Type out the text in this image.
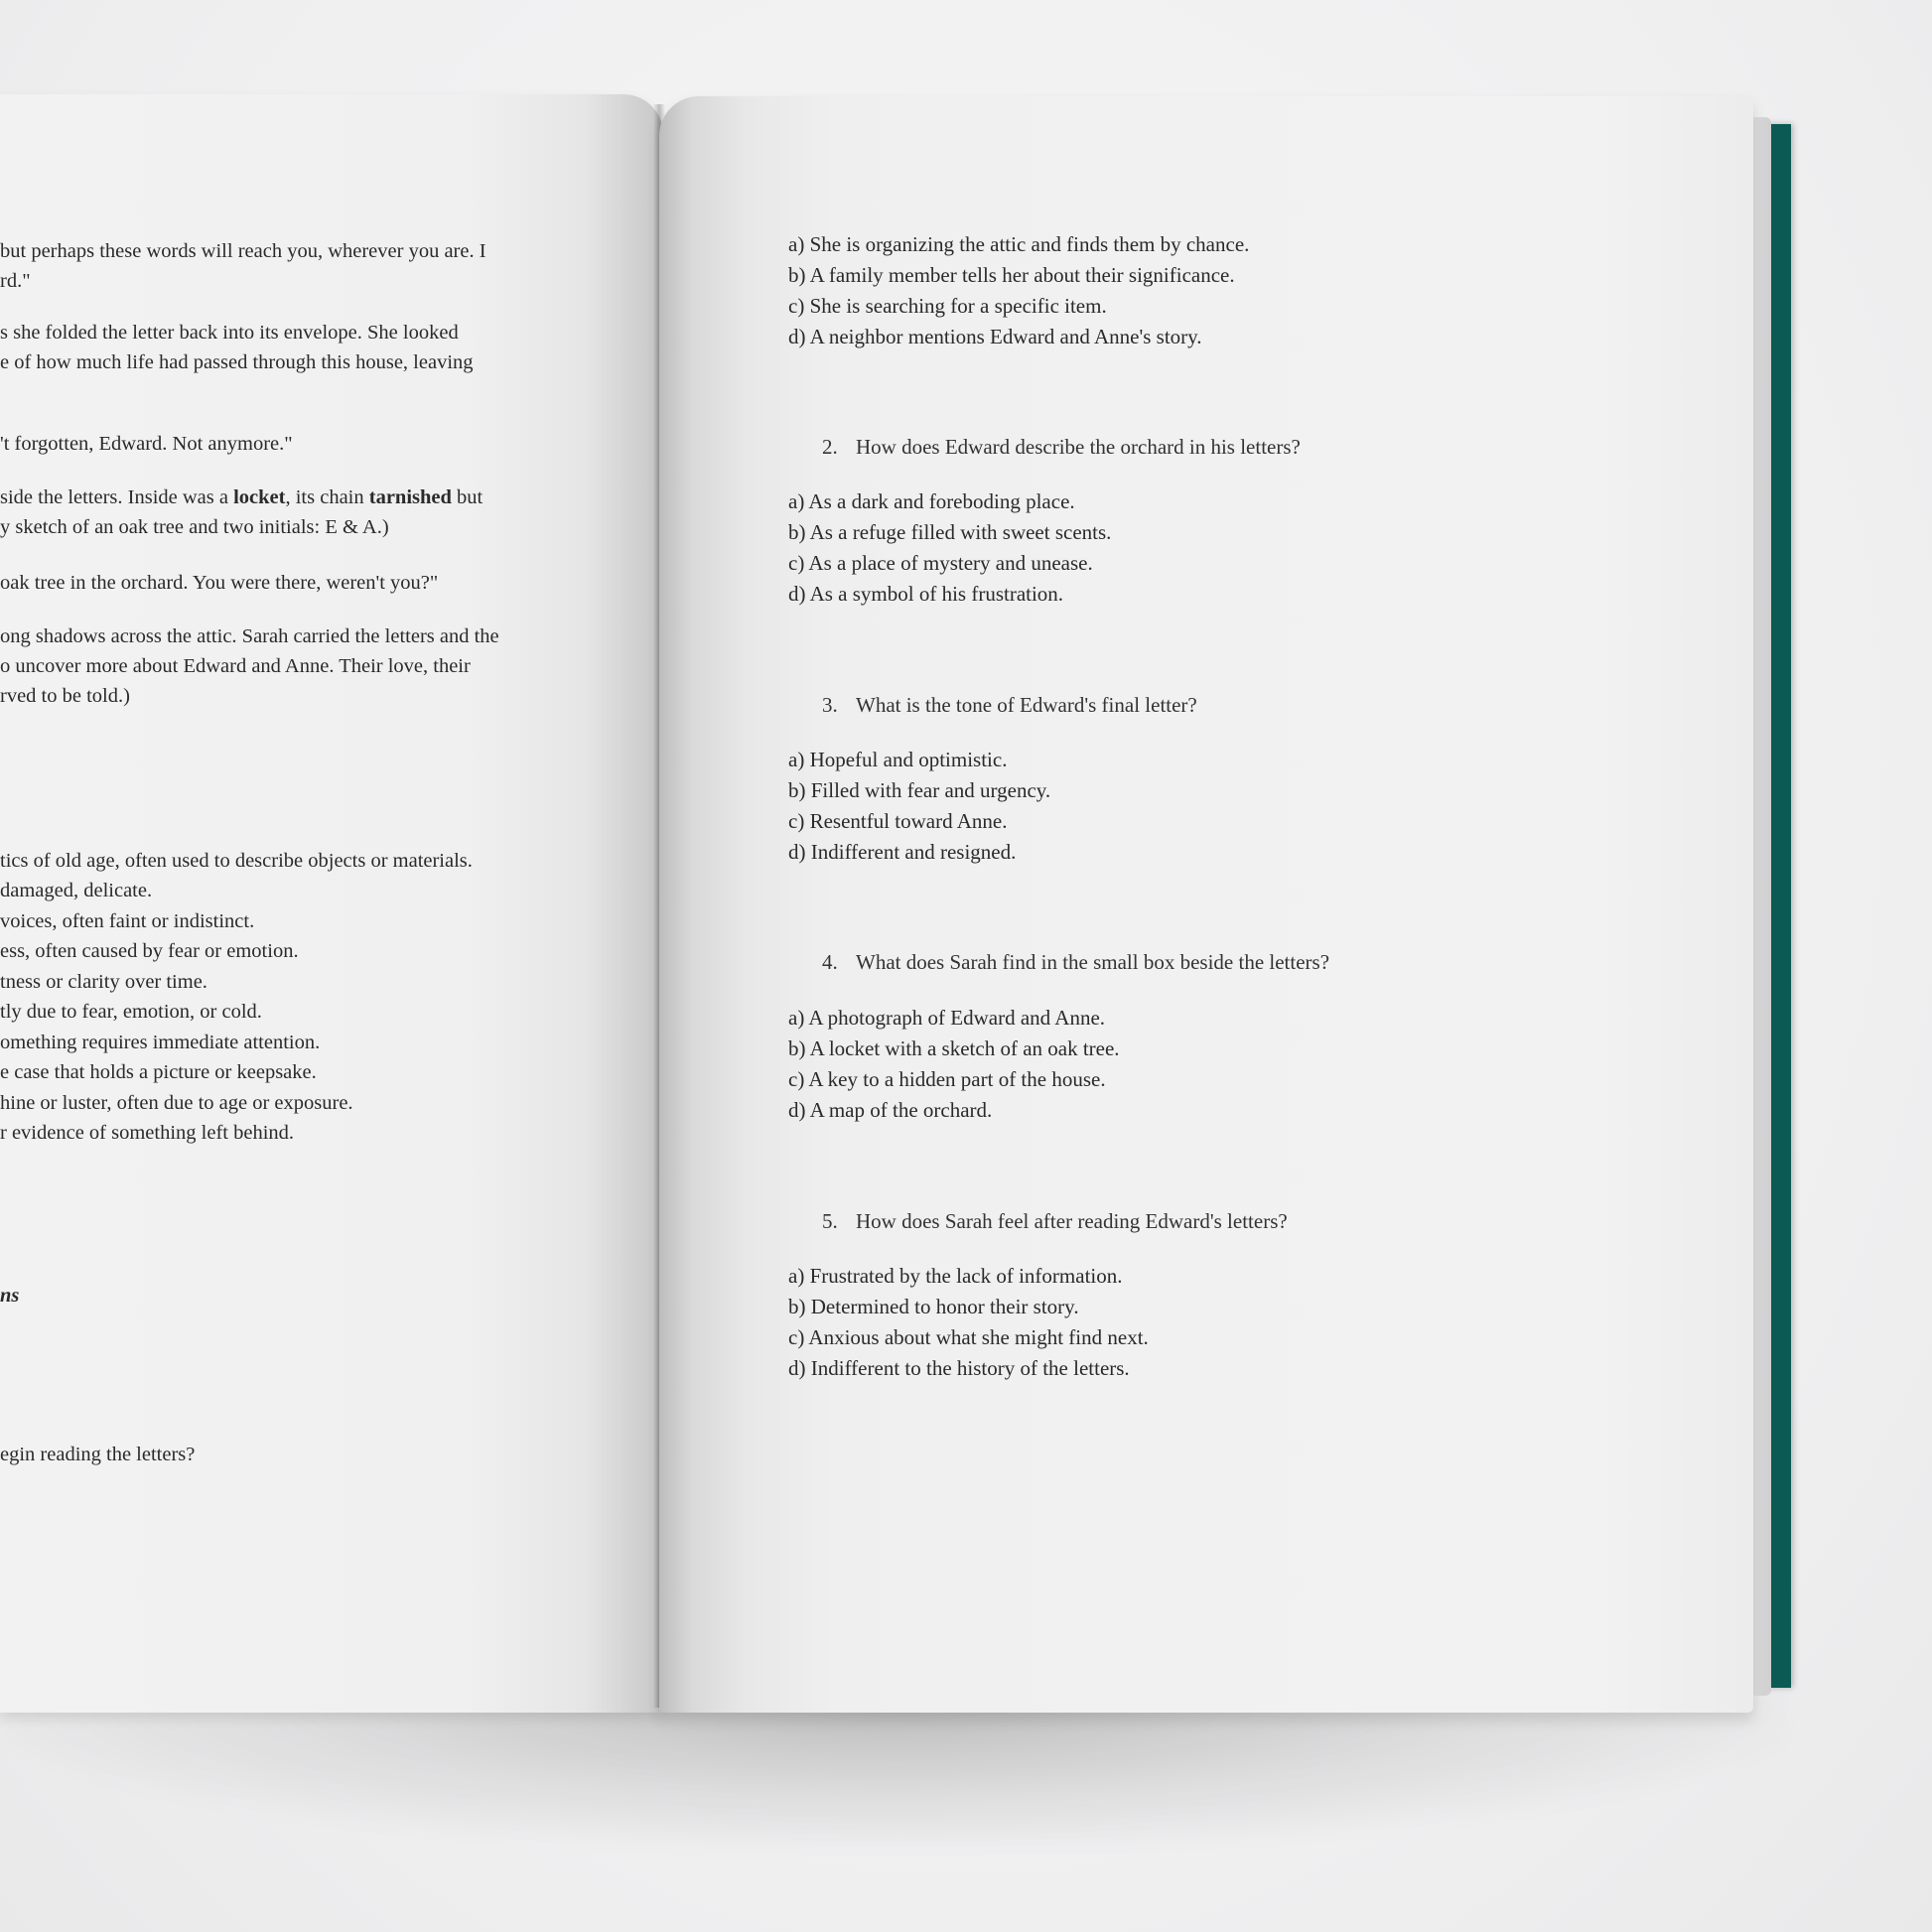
but perhaps these words will reach you, wherever you are. I
rd."
s she folded the letter back into its envelope. She looked
e of how much life had passed through this house, leaving
't forgotten, Edward. Not anymore."
side the letters. Inside was a locket, its chain tarnished but
y sketch of an oak tree and two initials: E & A.)
oak tree in the orchard. You were there, weren't you?"
ong shadows across the attic. Sarah carried the letters and the
o uncover more about Edward and Anne. Their love, their
rved to be told.)
tics of old age, often used to describe objects or materials.
damaged, delicate.
voices, often faint or indistinct.
ess, often caused by fear or emotion.
tness or clarity over time.
tly due to fear, emotion, or cold.
omething requires immediate attention.
e case that holds a picture or keepsake.
hine or luster, often due to age or exposure.
r evidence of something left behind.
ns
egin reading the letters?
a) She is organizing the attic and finds them by chance.
b) A family member tells her about their significance.
c) She is searching for a specific item.
d) A neighbor mentions Edward and Anne's story.
2. How does Edward describe the orchard in his letters?
a) As a dark and foreboding place.
b) As a refuge filled with sweet scents.
c) As a place of mystery and unease.
d) As a symbol of his frustration.
3. What is the tone of Edward's final letter?
a) Hopeful and optimistic.
b) Filled with fear and urgency.
c) Resentful toward Anne.
d) Indifferent and resigned.
4. What does Sarah find in the small box beside the letters?
a) A photograph of Edward and Anne.
b) A locket with a sketch of an oak tree.
c) A key to a hidden part of the house.
d) A map of the orchard.
5. How does Sarah feel after reading Edward's letters?
a) Frustrated by the lack of information.
b) Determined to honor their story.
c) Anxious about what she might find next.
d) Indifferent to the history of the letters.
